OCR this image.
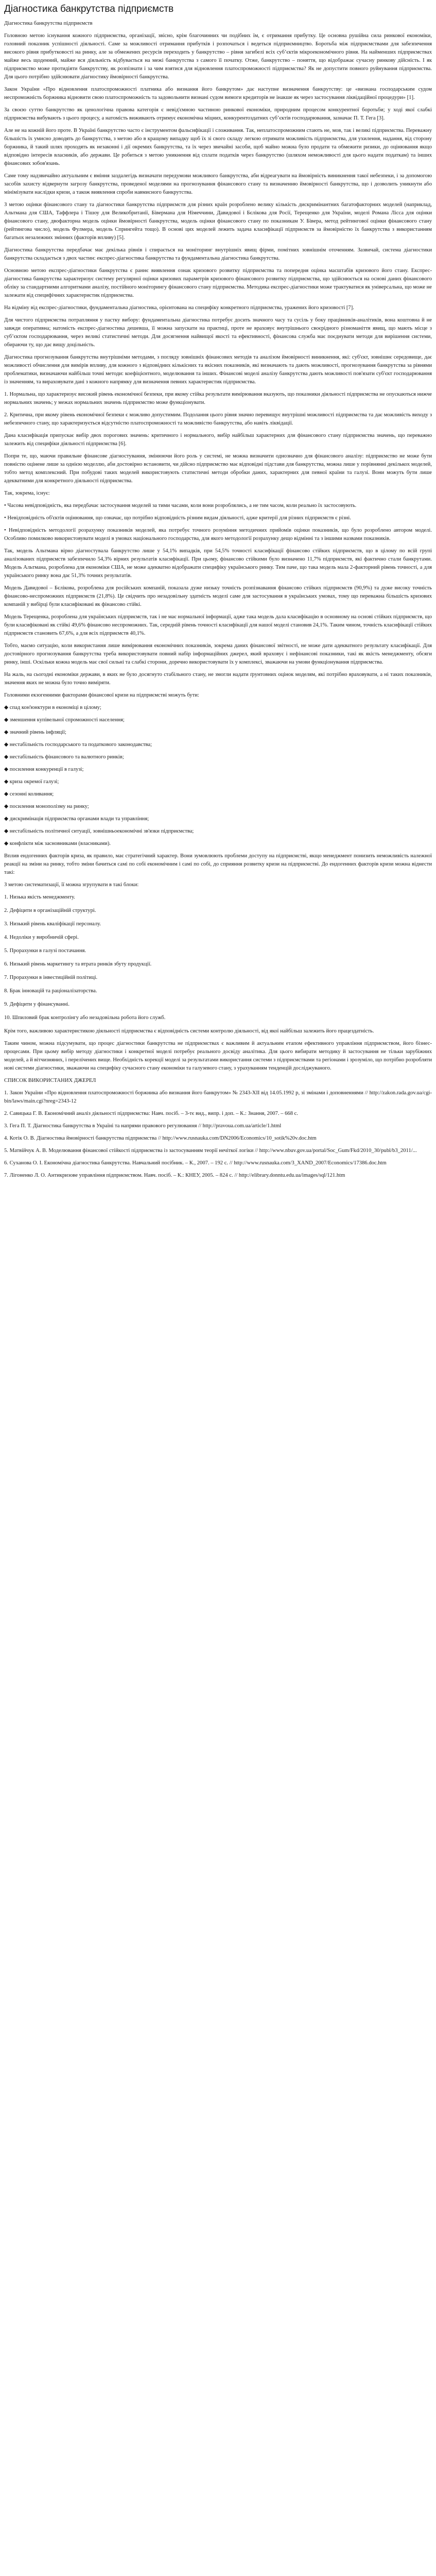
Діагностика банкрутства підприємств

Діагностика банкрутства підприємств

Головною метою існування кожного підприємства, організації, звісно, крім благочинних чи подібних їм, є отримання прибутку. Це основна рушійна сила ринкової економіки, головний показник успішності діяльності. Саме за можливості отримання прибутків і розпочаться і ведеться підприємництво. Боротьба між підприємствами для забезпечення високого рівня прибутковості на ринку, але за обмежених ресурсів переходить у банкрутство – рівня загибелі всіх субʼєктів мікроекономічного рівня. На найменших підприємствах майже весь щоденний, майже вся діяльність відбувається на межі банкрутства з самого її початку. Отже, банкрутство – поняття, що відображає сучасну ринкову дійсність. І як підприємство може протидіяти банкрутству, як розпізнати і за чим взятися для відновлення платоспроможності підприємства? Як не допустити повного руйнування підприємства. Для цього потрібно здійснювати діагностику ймовірності банкрутства.

Закон України «Про відновлення платоспроможності платника або визнання його банкрутом» дає наступне визначення банкрутству: це «визнана господарським судом неспроможність боржника відновити свою платоспроможність та задовольнити визнані судом вимоги кредиторів не інакше як через застосування ліквідаційної процедури» [1].

За своєю суттю банкрутство як ценологічна правова категорія є невід'ємною частиною ринкової економіки, природним процесом конкурентної боротьби; у ході якої слабкі підприємства вибувають з цього процесу, а натомість виживають отримує економічна міцних, конкурентоздатних субʼєктів господарювання, зазначає П. Т. Гега [3].

Але не на кожній його проте. В Україні банкрутство часто є інструментом фальсифікації і сложивання. Так, неплатоспроможним стають не, мов, так і великі підприємства. Переважну більшість їх умисно доводять до банкрутства, з метою або в кращому випадку щоб їх зі свого складу легкою отримати можливість підприємства, для ухилення, надання, від сторону боржника, й такий шлях проходять як незаконні і дії окремих банкрутства, та їх через звичайні засоби, щоб майно можна було продати та обмежити ризики, до оцінювання якщо відповідно інтересів власників, або держави. Це робиться з метою уникнення від сплати податків через банкрутство (шляхом неможливості для цього надати податкам) та інших фінансових зобов'язань.

Саме тому надзвичайно актуальним є вміння заздалегідь визначати передумови можливого банкрутства, аби відреагувати на ймовірність виникнення такої небезпеки, і за допомогою засобів захисту відвернути загрозу банкрутства, проведеної моделями на прогнозування фінансового стану та визначенню ймовірності банкрутства, що і дозволить уникнути або мінімізувати наслідки кризи, а також виявлення спроби навмисного банкрутства.

З метою оцінки фінансового стану та діагностики банкрутства підприємств для різних країн розроблено велику кількість дискримінантних багатофакторних моделей (наприклад, Альтмана для США, Таффлера і Тішоу для Великобританії, Бівермана для Німеччини, Давидової і Бєлікова для Росії, Терещенко для України, моделі Романа Лісса для оцінки фінансового стану, двофакторна модель оцінки ймовірності банкрутства, модель оцінки фінансового стану по показникам У. Бівера, метод рейтингової оцінки фінансового стану (рейтингова число), модель Фулмера, модель Спрингейта тощо). В основі цих моделей лежить задача класифікації підприємств за ймовірністю їх банкрутства з використанням багатьох незалежних змінних (факторів впливу) [5].

Діагностика банкрутства передбачає має декілька рівнів і спирається на моніторинг внутрішніх явищ фірми, помітних зовнішнім оточенням. Зазвичай, система діагностики банкрутства складається з двох частин: експрес-діагностика банкрутства та фундаментальна діагностика банкрутства.

Основною метою експрес-діагностики банкрутства є раннє виявлення ознак кризового розвитку підприємства та попередня оцінка масштабів кризового його стану. Експрес-діагностика банкрутства характеризує систему регулярної оцінки кризових параметрів кризового фінансового розвитку підприємства, що здійснюється на основі даних фінансового обліку за стандартними алгоритмами аналізу, постійного моніторингу фінансового стану підприємства. Методика експрес-діагностики може трактуватися як універсальна, що може не залежати від специфічних характеристик підприємства.

На відміну від експрес-діагностики, фундаментальна діагностика, орієнтована на специфіку конкретного підприємства, уражених його кризовості [7].

Для чистого підприємства потрапляння у пастку вибору: фундаментальна діагностика потребує досить значного часу та сусіль у боку працівників-аналітиків, вона коштовна й не завжди оперативна; натомість експрес-діагностика дешевша, її можна запускати на практиці, проте не враховує внутрішнього своєрідного різноманіття явищ, що мають місце з субʼєктом господарювання, через великі статистичні методи. Для досягнення найвищої якості та ефективності, фінансова служба має поєднувати методи для вирішення системи, обираючи ту, що дає вищу доцільність.

Діагностика прогнозування банкрутства внутрішніми методами, з погляду зовнішніх фінансових методів та аналізом ймовірності виникнення, які: суб'єкт, зовнішнє середовище, дає можливості обчислення для вимірів впливу, для кожного з відповідних кількісних та якісних показників, які визначають та дають можливості, прогнозування банкрутства за рівнями проблематики, визначаючи найбільш точні методи: коефіцієнтного, моделювання та інших. Фінансові моделі аналізу банкрутства дають можливості пов'язати суб'єкт господарювання із значенням, та вираховувати дані з кожного напрямку для визначення певних характеристик підприємства.

1. Нормальна, що характеризує високий рівень економічної безпеки, при якому стійка результати вимірювання вказують, що показники діяльності підприємства не опускаються нижче нормальних значень; у межах нормальних значень підприємство може функціонувати.

2. Критична, при якому рівень економічної безпеки є можливо допустимим. Подолання цього рівня значно перевищує внутрішні можливості підприємства та дає можливість виходу з небезпечного стану, що характеризується відсутністю платоспроможності та можливістю банкрутства, або навіть ліквідації.

Дана класифікація припускає вибір двох порогових значень: критичного і нормального, вибір найбільш характерних для фінансового стану підприємства значень, що переважно залежить від специфіки діяльності підприємства [6].

Попри те, що, маючи правильне фінансове діагностування, змінюючи його роль у системі, не можна визначити однозначно для фінансового аналізу: підприємство не може бути повністю оцінене лише за однією моделлю, аби достовірно встановити, чи дійсно підприємство має відповідні підстави для банкрутства, можна лише у порівнянні декількох моделей, тобто метод комплексний. При побудові таких моделей використовують статистичні методи обробки даних, характерних для певної країни та галузі. Вони можуть бути лише адекватними для конкретного діяльності підприємства.

Так, зокрема, існує:

• Часова невідповідність, яка передбачає застосування моделей за тими часами, коли вони розроблялись, а не тим часом, коли реально їх застосовують.

• Невідповідність об'єктів оцінювання, що означає, що потрібно відповідність різним видам діяльності, адже критерії для різних підприємств є різні.

• Невідповідність методології розрахунку показників моделей, яка потребує точного розуміння методичних прийомів оцінки показників, що було розроблено автором моделі. Особливо помилково використовувати моделі в умовах національного господарства, для якого методології розрахунку дещо відмінні та з іншими назвами показників.

Так, модель Альтмана вірно діагностувала банкрутство лише у 54,1% випадків, при 54,5% точності класифікації фінансово стійких підприємств, що в цілому по всій групі аналізованих підприємств забезпечило 54,3% вірних результатів класифікації. При цьому, фінансово стійкими було визначено 11,7% підприємств, які фактично стали банкрутами. Модель Альтмана, розроблена для економіки США, не може адекватно відображати специфіку українського ринку. Тим паче, що така модель мала 2-факторний рівень точності, а для українського ринку вона дає 51,3% точних результатів.

Модель Давидової – Бєлікова, розроблена для російських компаній, показала дуже низьку точність розпізнавання фінансово стійких підприємств (90,9%) та дуже високу точність фінансово-неспроможних підприємств (21,8%). Це свідчить про незадовільну здатність моделі саме для застосування в українських умовах, тому що переважна більшість кризових компаній у вибірці були класифіковані як фінансово стійкі.

Модель Терещенка, розроблена для українських підприємств, так і не має нормальної інформації, адже така модель дала класифікацію в основному на основі стійких підприємств, що були класифіковані як стійкі 49,6% фінансово неспроможних. Так, середній рівень точності класифікації для нашої моделі становив 24,1%. Таким чином, точність класифікації стійких підприємств становить 67,6%, а для всіх підприємств 40,1%.

Тобто, маємо ситуацію, коли використання лише вимірювання економічних показників, зокрема даних фінансової звітності, не може дати адекватного результату класифікації. Для достовірного прогнозування банкрутства треба використовувати повний набір інформаційних джерел, який враховує і нефінансові показники, такі як якість менеджменту, обсяги ринку, інші. Оскільки кожна модель має свої сильні та слабкі сторони, доречно використовувати їх у комплексі, зважаючи на умови функціонування підприємства.

На жаль, на сьогодні економіки держави, в яких не було досягнуто стабільного стану, не змогли надати ґрунтовних оцінок моделям, які потрібно враховувати, а ні таких показників, значення яких не можна було точно виміряти.

Головними екзогенними факторами фінансової кризи на підприємстві можуть бути:

◆ спад кон'юнктури в економіці в цілому;
◆ зменшення купівельної спроможності населення;
◆ значний рівень інфляції;
◆ нестабільність господарського та податкового законодавства;
◆ нестабільність фінансового та валютного ринків;
◆ посилення конкуренції в галузі;
◆ криза окремої галузі;
◆ сезонні коливання;
◆ посилення монополізму на ринку;
◆ дискримінація підприємства органами влади та управління;
◆ нестабільність політичної ситуації, зовнішньоекономічні зв'язки підприємства;
◆ конфлікти між засновниками (власниками).

Вплив ендогенних факторів криза, як правило, має стратегічний характер. Вони зумовлюють проблеми доступу на підприємстві, якщо менеджмент понизить неможливість належної реакції на зміни на ринку, тобто зміни бачиться самі по собі економічним і самі по собі, до сприяння розвитку кризи на підприємстві. До ендогенних факторів кризи можна віднести такі:

З метою систематизації, її можна згрупувати в такі блоки:

1. Низька якість менеджменту.
2. Дефіцити в організаційній структурі.
3. Низький рівень кваліфікації персоналу.
4. Недоліки у виробничій сфері.
5. Прорахунки в галузі постачання.
6. Низький рівень маркетингу та втрата ринків збуту продукції.
7. Прорахунки в інвестиційній політиці.
8. Брак інновацій та раціоналізаторства.
9. Дефіцити у фінансуванні.
10. Шпиловий брак контролінгу або незадовільна робота його служб.

Крім того, важливою характеристикою діяльності підприємства є відповідність системи контролю діяльності, від якої найбільш залежить його працездатність.

Таким чином, можна підсумувати, що процес діагностики банкрутства не підприємствах є важливим й актуальним етапом ефективного управління підприємством, його бізнес-процесами. При цьому вибір методу діагностики і конкретної моделі потребує реального досвіду аналітика. Для цього вибирати методику й застосування не тільки зарубіжних моделей, а й вітчизняних, і перелічених вище. Необхідність корекції моделі за результатами використання системи з підприємствами та регіонами і зрозуміло, що потрібно розробляти нові системи діагностики, зважаючи на специфіку сучасного стану економіки та галузевого стану, з урахуванням тенденцій досліджуваного.

СПИСОК ВИКОРИСТАНИХ ДЖЕРЕЛ

1. Закон України «Про відновлення платоспроможності боржника або визнання його банкрутом» № 2343-XII від 14.05.1992 р, зі змінами і доповненнями // http://zakon.rada.gov.ua/cgi-bin/laws/main.cgi?nreg=2343-12

2. Савицька Г. В. Економічний аналіз діяльності підприємства: Навч. посіб. – 3-тє вид., випр. і доп. – К.: Знання, 2007. – 668 с.

3. Гега П. Т. Діагностика банкрутства в Україні та напрями правового регулювання // http://pravoua.com.ua/article/1.html

4. Котік О. В. Діагностика ймовірності банкрутства підприємства // http://www.rusnauka.com/DN2006/Economics/10_sotik%20v.doc.htm

5. Матвійчук А. В. Моделювання фінансової стійкості підприємства із застосуванням теорії нечіткої логіки // http://www.nbuv.gov.ua/portal/Soc_Gum/Fkd/2010_30/publ/b3_2011/...

6. Суханова О. І. Економічна діагностика банкрутства. Навчальний посібник. – К., 2007. – 192 с. // http://www.rusnauka.com/3_XAND_2007/Economics/17386.doc.htm

7. Лігоненко Л. О. Антикризове управління підприємством. Навч. посіб. – К.: КНЕУ, 2005. – 824 с. // http://elibrary.donntu.edu.ua/images/sql/121.htm
